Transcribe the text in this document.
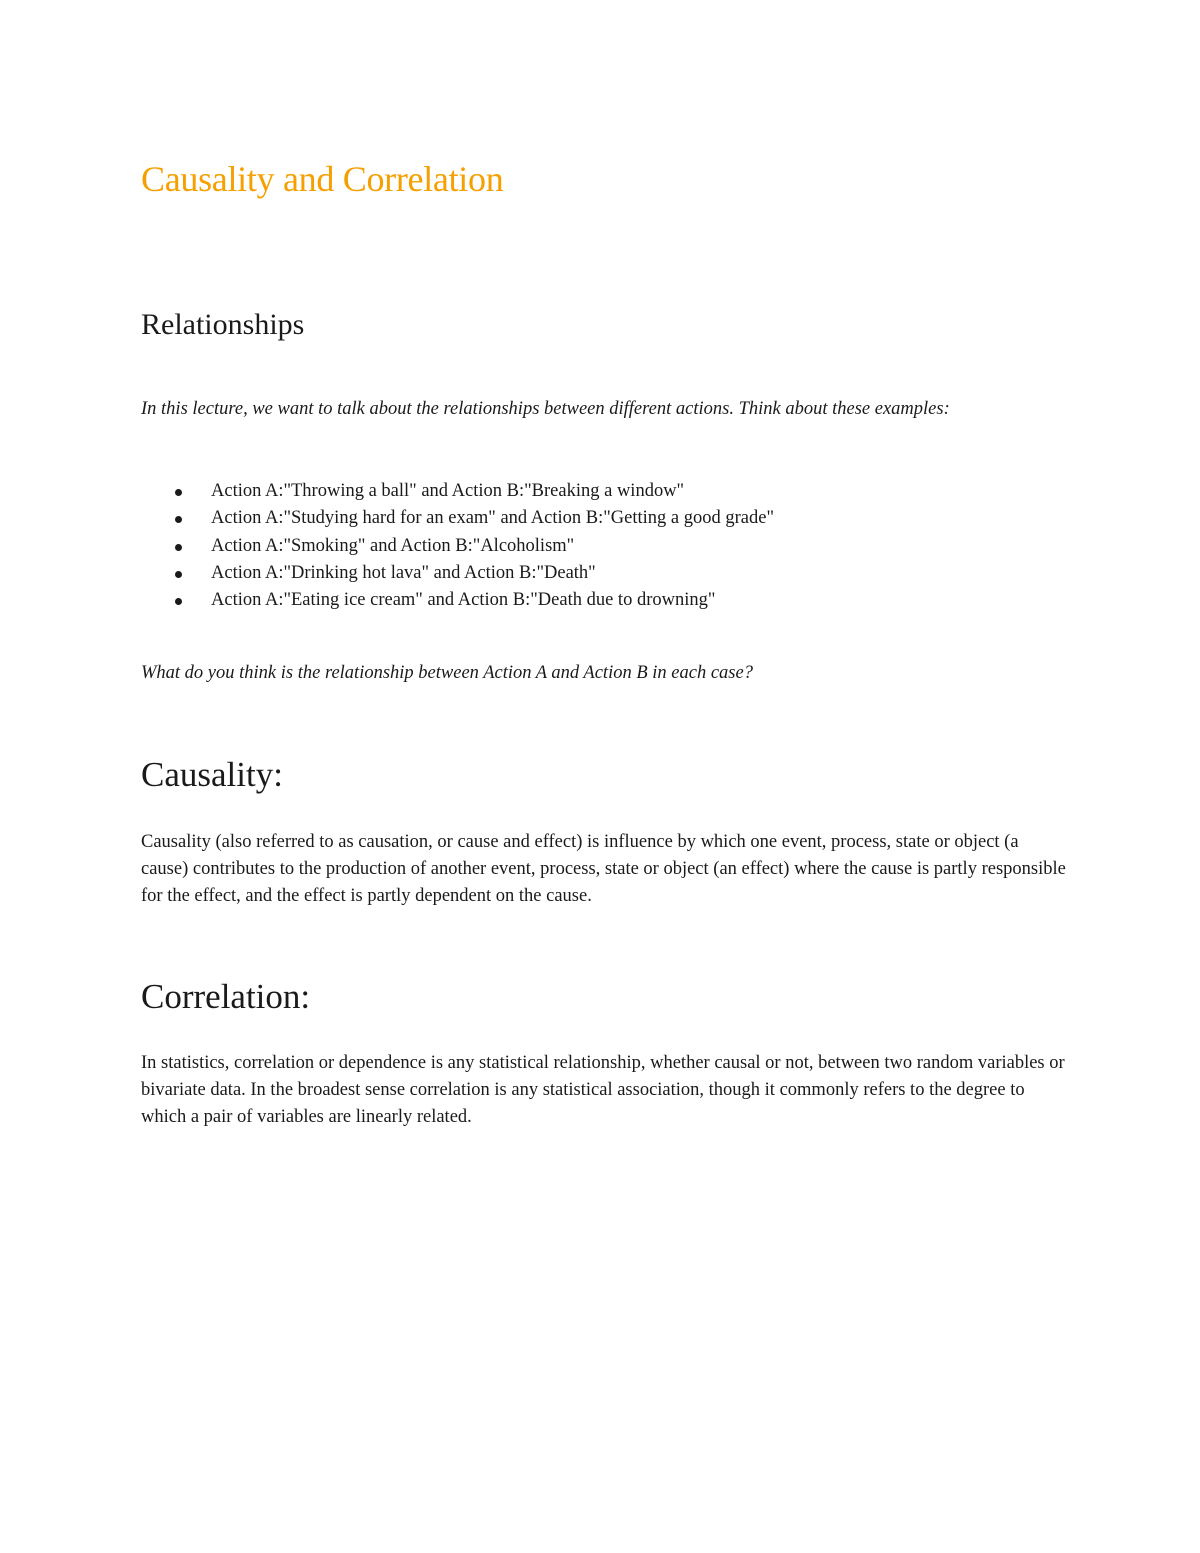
Causality and Correlation
Relationships

In this lecture, we want to talk about the relationships between different actions. Think about these examples:

Action A:"Throwing a ball" and Action B:"Breaking a window"
Action A:"Studying hard for an exam" and Action B:"Getting a good grade"
Action A:"Smoking" and Action B:"Alcoholism"
Action A:"Drinking hot lava" and Action B:"Death"
Action A:"Eating ice cream" and Action B:"Death due to drowning"

What do you think is the relationship between Action A and Action B in each case?

Causality:

Causality (also referred to as causation, or cause and effect) is influence by which one event, process, state or object (a cause) contributes to the production of another event, process, state or object (an effect) where the cause is partly responsible for the effect, and the effect is partly dependent on the cause.

Correlation:

In statistics, correlation or dependence is any statistical relationship, whether causal or not, between two random variables or bivariate data. In the broadest sense correlation is any statistical association, though it commonly refers to the degree to which a pair of variables are linearly related.
